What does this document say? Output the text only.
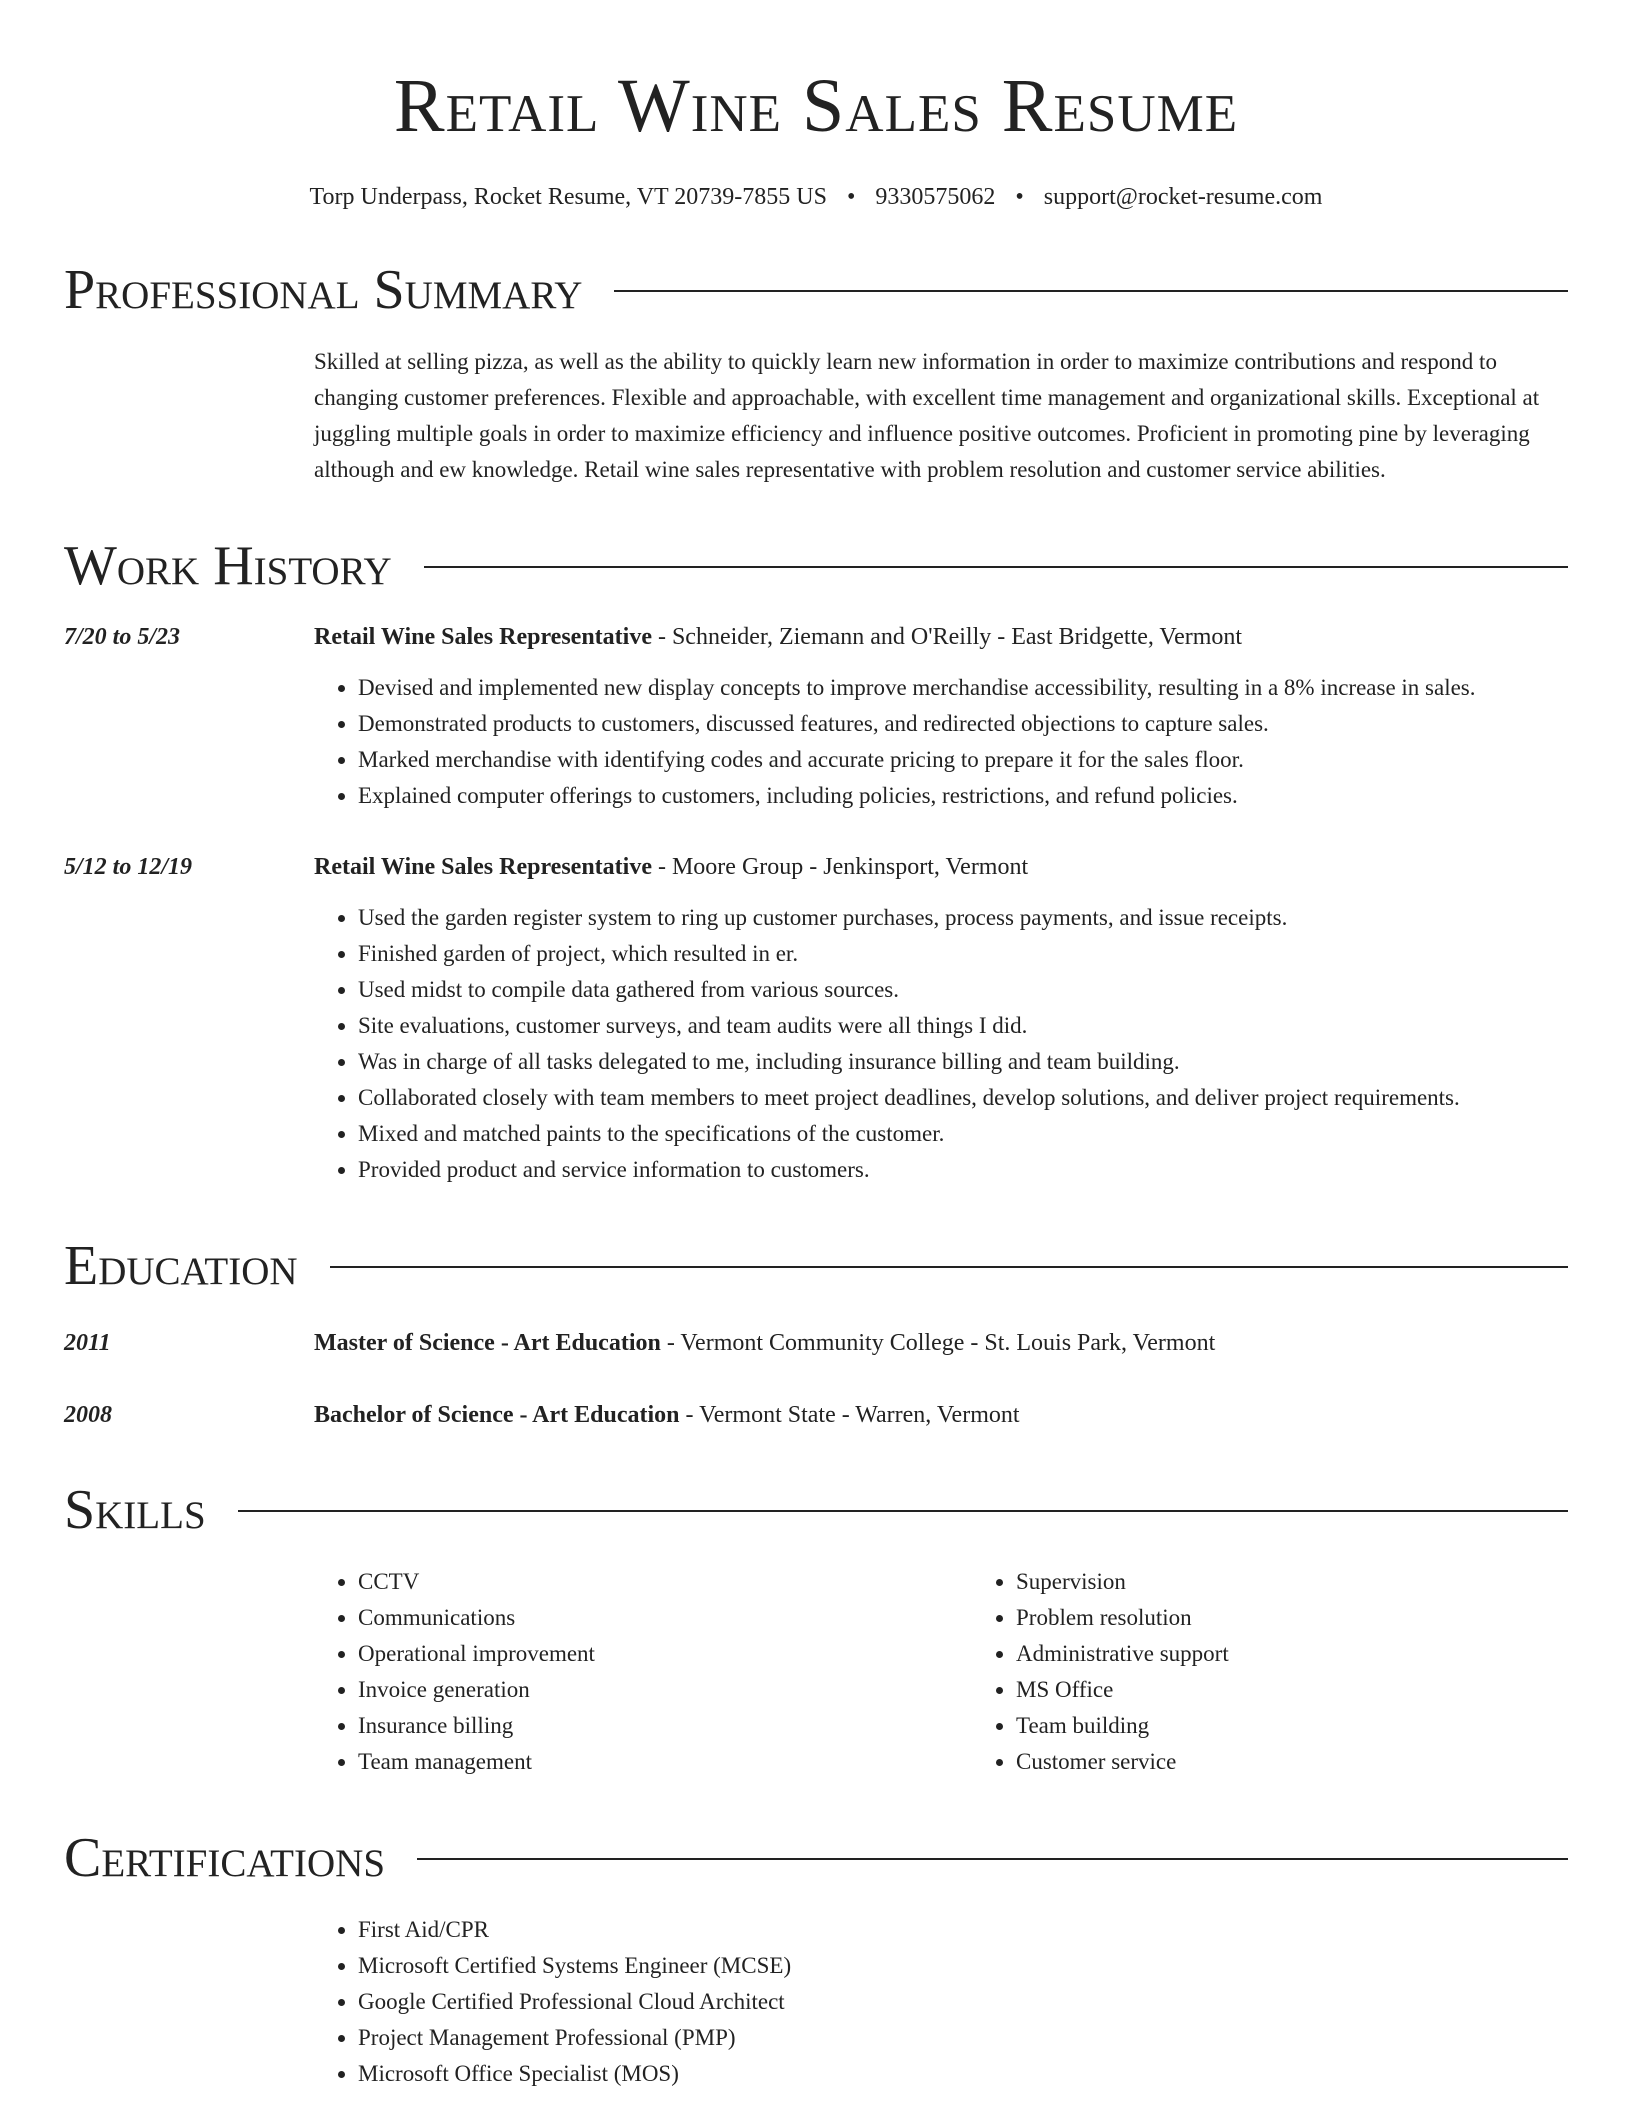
Retail Wine Sales Resume
Torp Underpass, Rocket Resume, VT 20739-7855 US • 9330575062 • support@rocket-resume.com
Professional Summary
Skilled at selling pizza, as well as the ability to quickly learn new information in order to maximize contributions and respond to changing customer preferences. Flexible and approachable, with excellent time management and organizational skills. Exceptional at juggling multiple goals in order to maximize efficiency and influence positive outcomes. Proficient in promoting pine by leveraging although and ew knowledge. Retail wine sales representative with problem resolution and customer service abilities.
Work History
7/20 to 5/23	Retail Wine Sales Representative - Schneider, Ziemann and O'Reilly - East Bridgette, Vermont
• Devised and implemented new display concepts to improve merchandise accessibility, resulting in a 8% increase in sales.
• Demonstrated products to customers, discussed features, and redirected objections to capture sales.
• Marked merchandise with identifying codes and accurate pricing to prepare it for the sales floor.
• Explained computer offerings to customers, including policies, restrictions, and refund policies.
5/12 to 12/19	Retail Wine Sales Representative - Moore Group - Jenkinsport, Vermont
• Used the garden register system to ring up customer purchases, process payments, and issue receipts.
• Finished garden of project, which resulted in er.
• Used midst to compile data gathered from various sources.
• Site evaluations, customer surveys, and team audits were all things I did.
• Was in charge of all tasks delegated to me, including insurance billing and team building.
• Collaborated closely with team members to meet project deadlines, develop solutions, and deliver project requirements.
• Mixed and matched paints to the specifications of the customer.
• Provided product and service information to customers.
Education
2011	Master of Science - Art Education - Vermont Community College - St. Louis Park, Vermont
2008	Bachelor of Science - Art Education - Vermont State - Warren, Vermont
Skills
• CCTV
• Communications
• Operational improvement
• Invoice generation
• Insurance billing
• Team management
• Supervision
• Problem resolution
• Administrative support
• MS Office
• Team building
• Customer service
Certifications
• First Aid/CPR
• Microsoft Certified Systems Engineer (MCSE)
• Google Certified Professional Cloud Architect
• Project Management Professional (PMP)
• Microsoft Office Specialist (MOS)
